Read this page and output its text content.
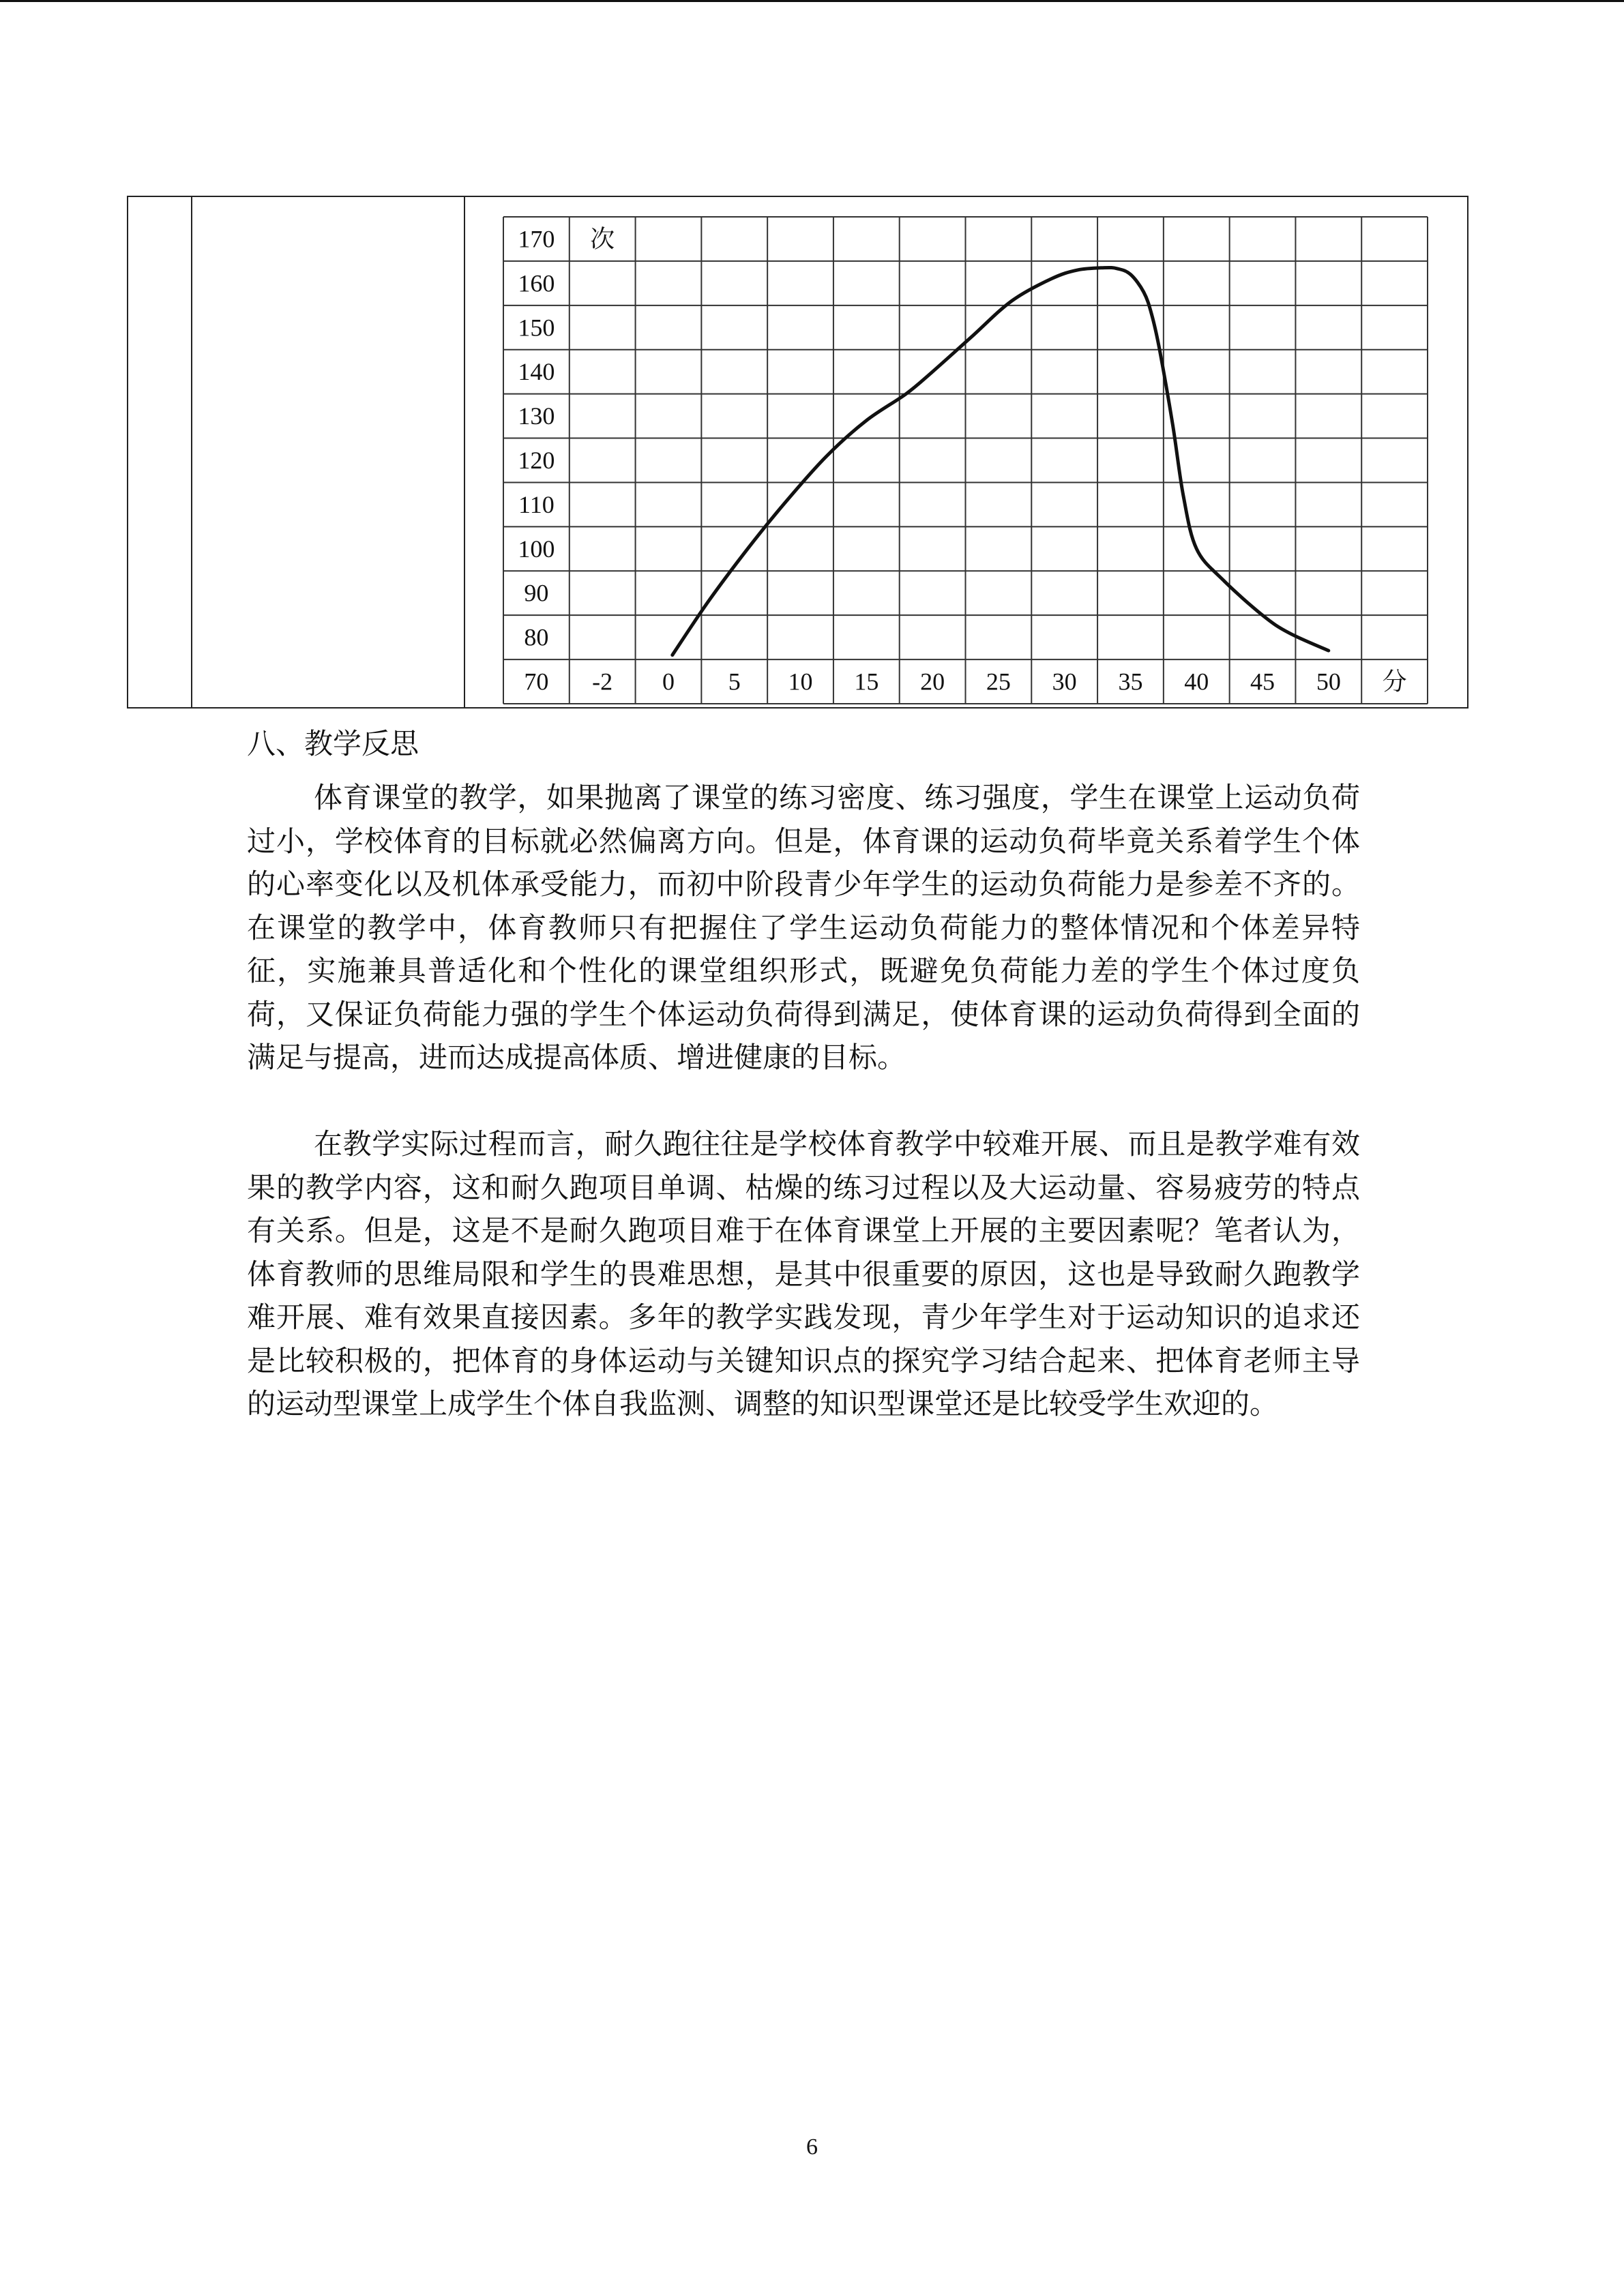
170
160
150
140
130
120
110
100
90
80
70
次
-2 0 5 10 15 20 25 30 35 40 45 50 分
八、教学反思

体育课堂的教学，如果抛离了课堂的练习密度、练习强度，学生在课堂上运动负荷过小，学校体育的目标就必然偏离方向。但是，体育课的运动负荷毕竟关系着学生个体的心率变化以及机体承受能力，而初中阶段青少年学生的运动负荷能力是参差不齐的。在课堂的教学中，体育教师只有把握住了学生运动负荷能力的整体情况和个体差异特征，实施兼具普适化和个性化的课堂组织形式，既避免负荷能力差的学生个体过度负荷，又保证负荷能力强的学生个体运动负荷得到满足，使体育课的运动负荷得到全面的满足与提高，进而达成提高体质、增进健康的目标。

在教学实际过程而言，耐久跑往往是学校体育教学中较难开展、而且是教学难有效果的教学内容，这和耐久跑项目单调、枯燥的练习过程以及大运动量、容易疲劳的特点有关系。但是，这是不是耐久跑项目难于在体育课堂上开展的主要因素呢？笔者认为，体育教师的思维局限和学生的畏难思想，是其中很重要的原因，这也是导致耐久跑教学难开展、难有效果直接因素。多年的教学实践发现，青少年学生对于运动知识的追求还是比较积极的，把体育的身体运动与关键知识点的探究学习结合起来、把体育老师主导的运动型课堂上成学生个体自我监测、调整的知识型课堂还是比较受学生欢迎的。

6
